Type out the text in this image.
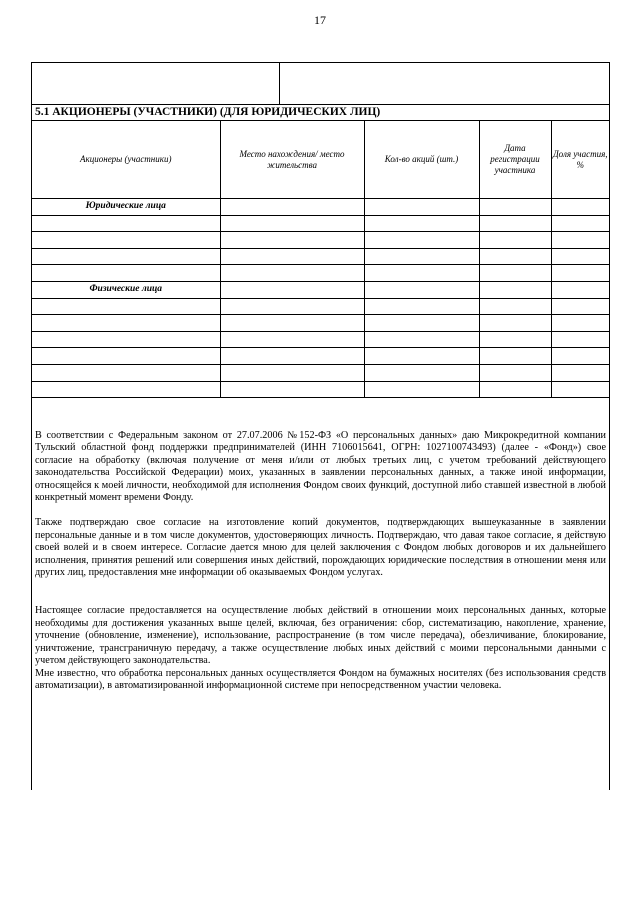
17
5.1 АКЦИОНЕРЫ (УЧАСТНИКИ) (ДЛЯ ЮРИДИЧЕСКИХ ЛИЦ)
Акционеры (участники)	Место нахождения/ место жительства	Кол-во акций (шт.)	Дата регистрации участника	Доля участия, %
Юридические лица				

Физические лица				

В соответствии с Федеральным законом от 27.07.2006 №152-ФЗ «О персональных данных» даю Микрокредитной компании Тульский областной фонд поддержки предпринимателей (ИНН 7106015641, ОГРН: 1027100743493) (далее - «Фонд») свое согласие на обработку (включая получение от меня и/или от любых третьих лиц, с учетом требований действующего законодательства Российской Федерации) моих, указанных в заявлении персональных данных, а также иной информации, относящейся к моей личности, необходимой для исполнения Фондом своих функций, доступной либо ставшей известной в любой конкретный момент времени Фонду.

Также подтверждаю свое согласие на изготовление копий документов, подтверждающих вышеуказанные в заявлении персональные данные и в том числе документов, удостоверяющих личность. Подтверждаю, что давая такое согласие, я действую своей волей и в своем интересе. Согласие дается мною для целей заключения с Фондом любых договоров и их дальнейшего исполнения, принятия решений или совершения иных действий, порождающих юридические последствия в отношении меня или других лиц, предоставления мне информации об оказываемых Фондом услугах.

Настоящее согласие предоставляется на осуществление любых действий в отношении моих персональных данных, которые необходимы для достижения указанных выше целей, включая, без ограничения: сбор, систематизацию, накопление, хранение, уточнение (обновление, изменение), использование, распространение (в том числе передача), обезличивание, блокирование, уничтожение, трансграничную передачу, а также осуществление любых иных действий с моими персональными данными с учетом действующего законодательства.

Мне известно, что обработка персональных данных осуществляется Фондом на бумажных носителях (без использования средств автоматизации), в автоматизированной информационной системе при непосредственном участии человека.
